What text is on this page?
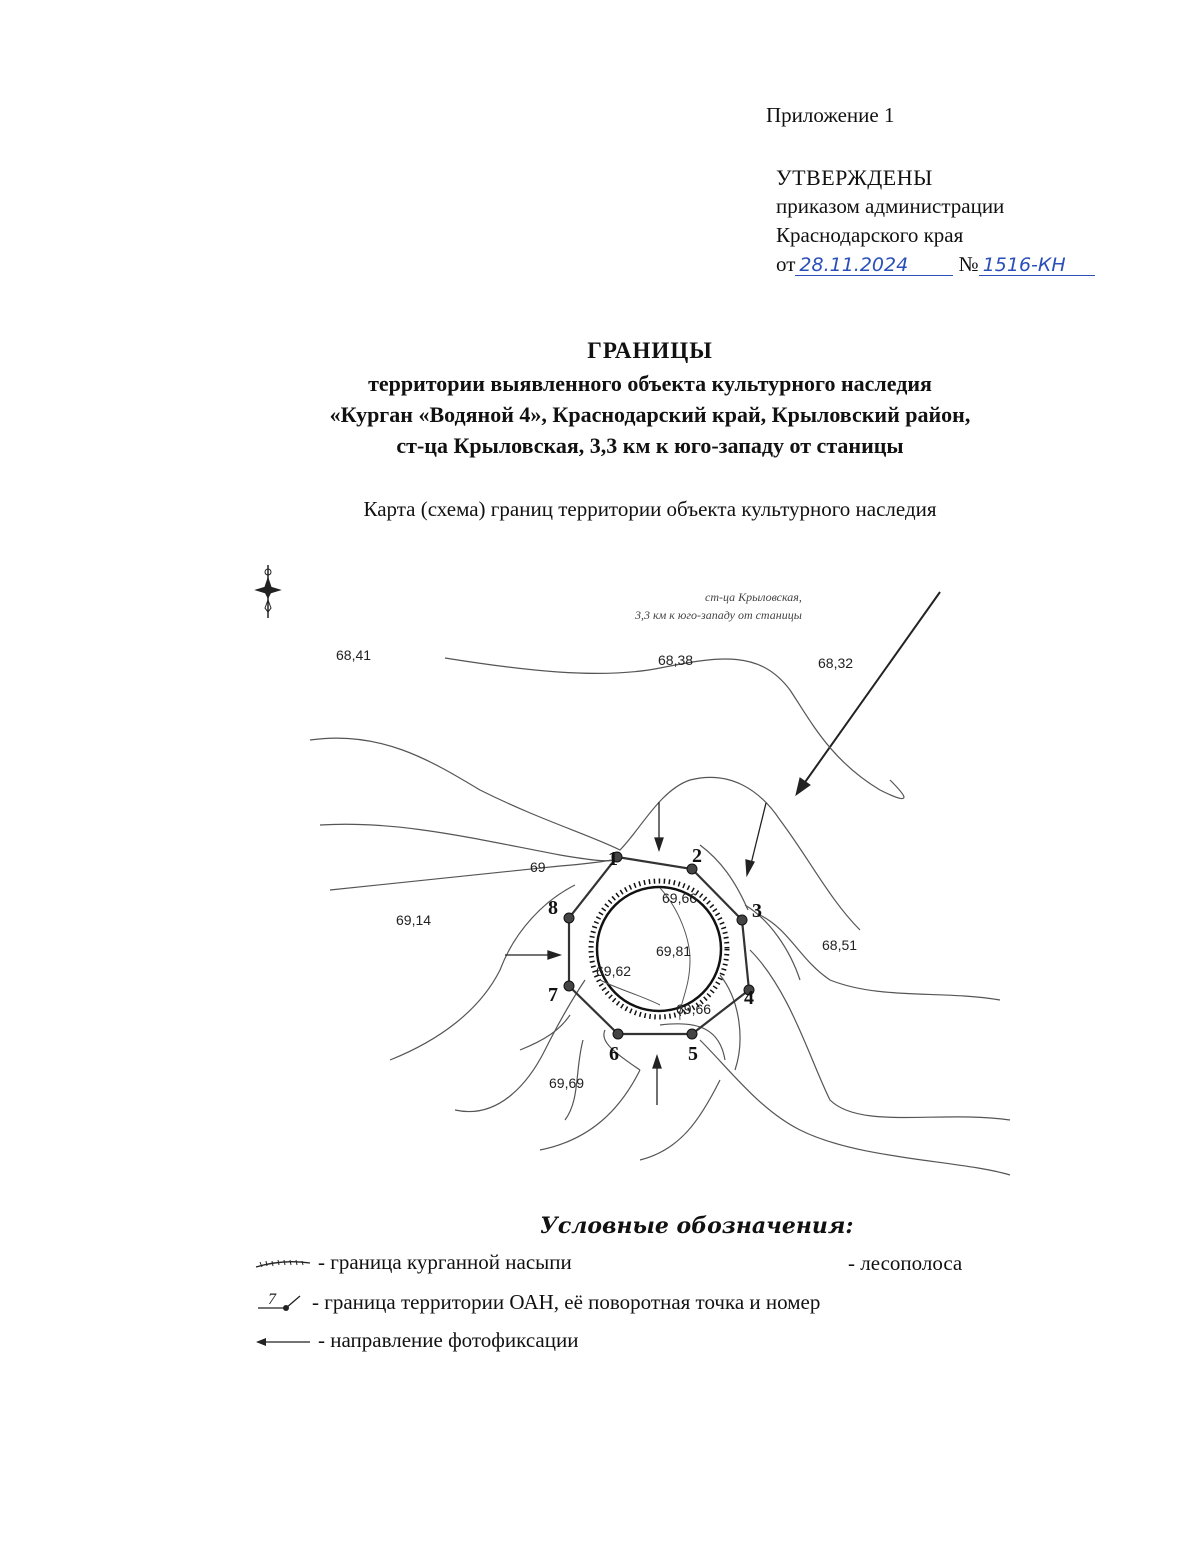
Приложение 1
УТВЕРЖДЕНЫ
приказом администрации
Краснодарского края
от 28.11.2024 № 1516-КН
ГРАНИЦЫ
территории выявленного объекта культурного наследия
«Курган «Водяной 4», Краснодарский край, Крыловский район,
ст-ца Крыловская, 3,3 км к юго-западу от станицы
Карта (схема) границ территории объекта культурного наследия
ст-ца Крыловская,
3,3 км к юго-западу от станицы
1	2
3
4
5
6
7
8
68,41	68,38	68,32
69,14
68,51
69,81
69,62
69,66
69,66
69,69
69
Условные обозначения:
- граница курганной насыпи	- лесополоса
7 - граница территории ОАН, её поворотная точка и номер
- направление фотофиксации
